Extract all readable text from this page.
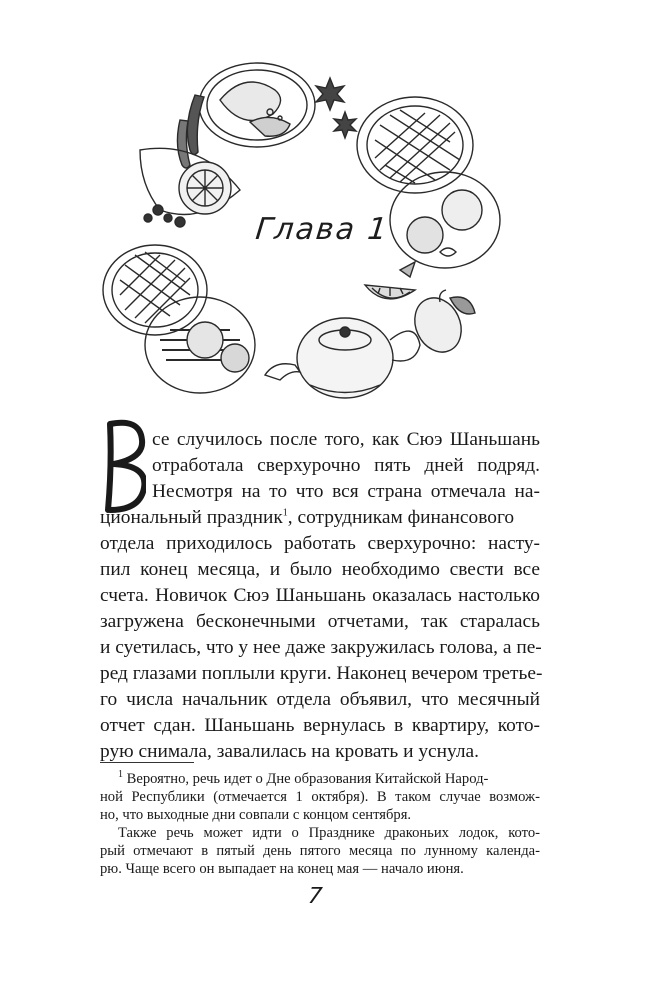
Глава 1
се случилось после того, как Сюэ Шаньшань
отработала сверхурочно пять дней подряд.
Несмотря на то что вся страна отмечала на-
циональный праздник$^1$, сотрудникам финансового
отдела приходилось работать сверхурочно: насту-
пил конец месяца, и было необходимо свести все
счета. Новичок Сюэ Шаньшань оказалась настолько
загружена бесконечными отчетами, так старалась
и суетилась, что у нее даже закружилась голова, а пе-
ред глазами поплыли круги. Наконец вечером третье-
го числа начальник отдела объявил, что месячный
отчет сдан. Шаньшань вернулась в квартиру, кото-
рую снимала, завалилась на кровать и уснула.
$^1$ Вероятно, речь идет о Дне образования Китайской Народ-
ной Республики (отмечается 1 октября). В таком случае возмож-
но, что выходные дни совпали с концом сентября.
Также речь может идти о Празднике драконьих лодок, кото-
рый отмечают в пятый день пятого месяца по лунному календа-
рю. Чаще всего он выпадает на конец мая — начало июня.
7
